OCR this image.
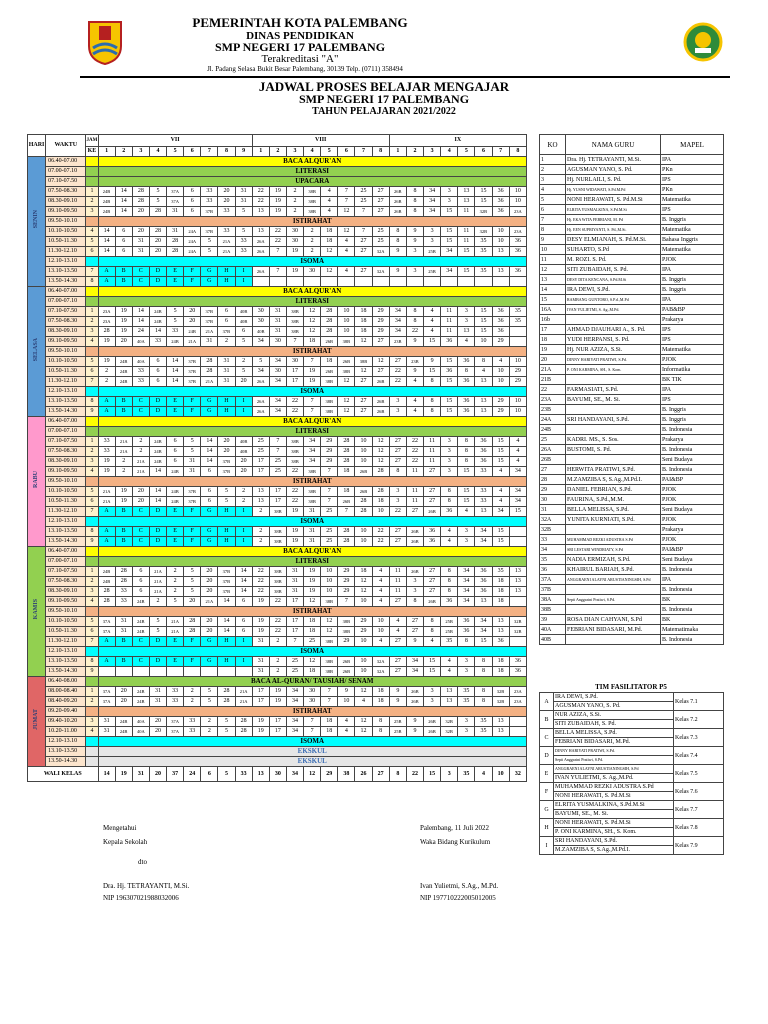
PEMERINTAH KOTA PALEMBANG
DINAS PENDIDIKAN
SMP NEGERI 17 PALEMBANG
Terakreditasi "A"
Jl. Padang Selasa Bukit Besar Palembang, 30139 Telp. (0711) 358494
JADWAL PROSES BELAJAR MENGAJAR
SMP NEGERI 17 PALEMBANG
TAHUN PELAJARAN 2021/2022
HARI	WAKTU	JAM	VII									VIII								IX							
		KE	1	2	3	4	5	6	7	8	9	1	2	3	4	5	6	7	8	1	2	3	4	5	6	7	8
SENIN	06.40-07.00		BACA ALQUR'AN																								
	07.00-07.10		LITERASI																								
	07.10-07.50		UPACARA																								
	07.50-08.30	1	24B	14	28	5	37A	6	33	20	31	22	19	2	38B	4	7	25	27	26B	8	34	3	13	15	36	10
	08.30-09.10	2	24B	14	28	5	37A	6	33	20	31	22	19	2	38B	4	7	25	27	26B	8	34	3	13	15	36	10
	09.10-09.50	3	24B	14	20	28	31	6	37B	33	5	13	19	2	38B	4	12	7	27	26B	8	34	15	11	32B	36	23A
	09.50-10.10		ISTIRAHAT																								
	10.10-10.50	4	14	6	20	28	31	24A	37B	33	5	13	22	30	2	18	12	7	25	8	9	3	15	11	32B	10	23A
	10.50-11.30	5	14	6	31	20	28	24A	5	21A	33	26A	22	30	2	18	4	27	25	8	9	3	15	11	35	10	36
	11.30-12.10	6	14	6	31	20	28	24A	5	21A	33	26A	7	19	2	12	4	27	32A	9	3	25B	34	15	35	13	36
	12.10-13.10		ISOMA																								
	13.10-13.50	7	A	B	C	D	E	F	G	H	I	26A	7	19	30	12	4	27	32A	9	3	25B	34	15	35	13	36
	13.50-14.30	8	A	B	C	D	E	F	G	H	I																
SELASA	06.40-07.00		BACA ALQUR'AN																								
	07.00-07.10		LITERASI																								
	07.10-07.50	1	23A	19	14	24B	5	20	37B	6	40B	30	31	38B	12	28	10	18	29	34	8	4	11	3	15	36	35
	07.50-08.30	2	23A	19	14	24B	5	20	37B	6	40B	30	31	38B	12	28	10	18	29	34	8	4	11	3	15	36	35
	08.30-09.10	3	28	19	24	14	33	24B	21A	37B	6	40B	31	38B	12	28	10	18	29	34	22	4	11	13	15	36	
	09.10-09.50	4	19	20	40A	33	24B	21A	31	2	5	34	30	7	18	26B	38B	12	27	23B	9	15	36	4	10	29	
	09.50-10.10		ISTIRAHAT																								
	10.10-10.50	5	19	24B	40A	6	14	37B	28	31	2	5	34	30	7	18	26B	38B	12	27	23B	9	15	36	8	4	10
	10.50-11.30	6	2	24B	33	6	14	37B	28	31	5	34	30	17	19	26B	38B	12	27	22	9	15	36	8	4	10	29
	11.30-12.10	7	2	24B	33	6	14	37B	21A	31	20	26A	34	17	19	38B	12	27	26B	22	4	8	15	36	13	10	29
	12.10-13.10		ISOMA																								
	13.10-13.50	8	A	B	C	D	E	F	G	H	I	26A	34	22	7	38B	12	27	26B	3	4	8	15	36	13	29	10
	13.50-14.30	9	A	B	C	D	E	F	G	H	I	26A	34	22	7	38B	12	27	26B	3	4	8	15	36	13	29	10
RABU	06.40-07.00		BACA ALQUR'AN																								
	07.00-07.10		LITERASI																								
	07.10-07.50	1	33	21A	2	24B	6	5	14	20	40B	25	7	38B	34	29	28	10	12	27	22	11	3	8	36	15	4
	07.50-08.30	2	33	21A	2	24B	6	5	14	20	40B	25	7	38B	34	29	28	10	12	27	22	11	3	8	36	15	4
	08.30-09.10	3	19	2	21A	24B	6	31	14	37B	20	17	25	38B	34	29	28	10	12	27	22	11	3	8	36	15	4
	09.10-09.50	4	19	2	21A	14	24B	31	6	37B	20	17	25	22	38B	7	18	26B	28	8	11	27	3	15	33	4	34
	09.50-10.10		ISTIRAHAT																								
	10.10-10.50	5	21A	19	20	14	24B	37B	6	5	2	13	17	22	38B	7	18	26B	28	3	11	27	8	15	33	4	34
	10.50-11.30	6	21A	19	20	14	24B	37B	6	5	2	13	17	22	38B	7	26B	28	18	3	11	27	8	15	33	4	34
	11.30-12.10	7	A	B	C	D	E	F	G	H	I	2	38B	19	31	25	7	28	10	22	27	26B	36	4	13	34	15
	12.10-13.10		ISOMA																								
	13.10-13.50	8	A	B	C	D	E	F	G	H	I	2	38B	19	31	25	28	10	22	27	26B	36	4	3	34	15	
	13.50-14.30	9	A	B	C	D	E	F	G	H	I	2	38B	19	31	25	28	10	22	27	26B	36	4	3	34	15	
KAMIS	06.40-07.00		BACA ALQUR'AN																								
	07.00-07.10		LITERASI																								
	07.10-07.50	1	24B	28	6	21A	2	5	20	37B	14	22	38B	31	19	10	29	18	4	11	26B	27	8	34	36	35	13
	07.50-08.30	2	24B	28	6	21A	2	5	20	37B	14	22	38B	31	19	10	29	12	4	11	3	27	8	34	36	18	13
	08.30-09.10	3	28	33	6	21A	2	5	20	37B	14	22	38B	31	19	10	29	12	4	11	3	27	8	34	36	18	13
	09.10-09.50	4	28	33	24B	2	5	20	21A	14	6	19	22	17	12	38B	7	10	4	27	8	26B	36	34	13	18	
	09.50-10.10		ISTIRAHAT																								
	10.10-10.50	5	37A	31	24B	5	21A	28	20	14	6	19	22	17	18	12	38B	29	10	4	27	8	25B	36	34	13	32B
	10.50-11.30	6	37A	31	24B	5	21A	28	20	14	6	19	22	17	18	12	38B	29	10	4	27	8	25B	36	34	13	32B
	11.30-12.10	7	A	B	C	D	E	F	G	H	I	31	2	7	25	38B	29	10	4	27	9	4	35	8	15	36	
	12.10-13.10		ISOMA																								
	13.10-13.50	8	A	B	C	D	E	F	G	H	I	31	2	25	12	38B	26B	10	32A	27	34	15	4	3	8	18	36
	13.50-14.30	9										31	2	25	18	38B	26B	10	32A	27	34	15	4	3	8	18	36
JUMAT	06.40-08.00		BACA AL-QURAN/ TAUSIAH/ SENAM																								
	08.00-08.40	1	37A	20	24B	31	33	2	5	28	21A	17	19	34	30	7	9	12	18	9	26B	3	13	35	8	32B	23A
	08.40-09.20	2	37A	20	24B	31	33	2	5	28	21A	17	19	34	30	7	10	4	18	9	26B	3	13	35	8	32B	23A
	09.20-09.40		ISTIRAHAT																								
	09.40-10.20	3	31	24B	40A	20	37A	33	2	5	28	19	17	34	7	18	4	12	8	25B	9	26B	32B	3	35	13	
	10.20-11.00	4	31	24B	40A	20	37A	33	2	5	28	19	17	34	7	18	4	12	8	25B	9	26B	32B	3	35	13	
	12.10-13.10		ISOMA																								
	13.10-13.50		EKSKUL																								
	13.50-14.30		EKSKUL																								
WALI KELAS			14	19	31	20	37	24	6	5	33	13	30	34	12	29	38	26	27	8	22	15	3	35	4	10	32
KO	NAMA GURU	MAPEL
1	Dra. Hj. TETRAYANTI, M.Si.	IPA
2	AGUSMAN YANO, S. Pd.	PKn
3	Hj. NURLAILI, S. Pd.	IPS
4	Hj. YUSNI WIDAWATI, S.Pd.M.Pd	PKn
5	NONI HERAWATI, S. Pd.M.Si	Matematika
6	ELRITA YUSMALKINA, S.Pd.M.Si	IPS
7	Hj. EKA WITA FEBRIANI, M. Pd	B. Inggris
8	Hj. EEN SUPRIYANTI, S. Pd.,M.Si.	Matematika
9	DESY ELMIANAH, S. Pd.M.Si.	Bahasa Inggris
10	SUHARTO, S.Pd	Matematika
11	M. ROZI. S. Pd.	PJOK
12	SITI ZUBAIDAH, S. Pd.	IPA
13	DESY DITA KENCANA, S.Pd.M.Si	B. Inggris
14	IRA DEWI, S.Pd.	B. Inggris
15	RAMBANG GUNTORO, S.P.d.,M.Pd	IPA
16A	IVAN YULIETMI, S. Ag.,M.Pd.	PAB&BP
16b		Prakarya
17	AHMAD DJAUHARI A., S. Pd.	IPS
18	YUDI HERPANSI, S. Pd.	IPS
19	Hj. NUR AZIZA, S.Si.	Matematika
20	DINNY HARIYATI PRATIWI, S.Pd.	PJOK
21A	P. ONI KARMINA, SH., S. Kom.	Informatika
21B		BK TIK
22	FARMASIATI, S.Pd.	IPA
23A	BAYUMI, SE., M. Si.	IPS
23B		B. Inggris
24A	SRI HANDAYANI, S.Pd.	B. Inggris
24B		B. Indonesia
25	KADRI. MS., S. Sos.	Prakarya
26A	BUSTOMI, S. Pd.	B. Indonesia
26B		Seni Budaya
27	HERWITA PRATIWI, S.Pd.	B. Indonesia
28	M.ZAMZIBA S, S.Ag.,M.Pd.I.	PAI&BP
29	DANIEL FEBRIAN, S.Pd.	PJOK
30	FAURINA, S.Pd.,M.M.	PJOK
31	BELLA MELISSA, S.Pd.	Seni Budaya
32A	YUNITA KURNIATI, S.Pd.	PJOK
32B		Prakarya
33	MUHAMMAD REZKI ADUSTRA S.Pd	PJOK
34	SRI LESTARI WINDRIATY, S.Pd	PAI&BP
35	NADIA ERMIZAH, S.Pd.	Seni Budaya
36	KHAIRUL BARIAH, S.Pd.	B. Indonesia
37A	ANGGRAENI ALAYNI ARUSTIANINGSIH, S.Pd	IPA
37B		B. Indonesia
38A	Septi Anggraini Pratiwi, S.Pd.	BK
38B		B. Indonesia
39	ROSA DIAN CAHYANI, S.Pd	BK
40A	FEBRIANI BIDASARI, M.Pd.	Matematimaka
40B		B. Indonesia
TIM FASILITATOR P5
A	IRA DEWI, S.Pd.	Kelas 7.1
	AGUSMAN YANO, S. Pd.	
B	NUR AZIZA, S.Si.	Kelas 7.2
	SITI ZUBAIDAH, S. Pd.	
C	BELLA MELISSA, S.Pd.	Kelas 7.3
	FEBRIANI BIDASARI, M.Pd.	
D	DINNY HARIYATI PRATIWI, S.Pd.	Kelas 7.4
	Septi Anggraini Pratiwi, S.Pd.	
E	ANGGRAENI ALAYNI ARUSTIANINGSIH, S.Pd	Kelas 7.5
	IVAN YULIETMI, S. Ag.,M.Pd.	
F	MUHAMMAD REZKI ADUSTRA S.Pd	Kelas 7.6
	NONI HERAWATI, S. Pd.M.Si	
G	ELRITA YUSMALKINA, S.Pd.M.Si	Kelas 7.7
	BAYUMI, SE., M. Si.	
H	NONI HERAWATI, S. Pd.M.Si	Kelas 7.8
	P. ONI KARMINA, SH., S. Kom.	
I	SRI HANDAYANI, S.Pd.	Kelas 7.9
	M.ZAMZIBA S, S.Ag.,M.Pd.I.	
Mengetahui
Kepala Sekolah
dto
Dra. Hj. TETRAYANTI, M.Si.
NIP 196307021988032006
Palembang, 11 Juli 2022
Waka Bidang Kurikulum
Ivan Yulietmi, S.Ag., M.Pd.
NIP 197710222005012005
